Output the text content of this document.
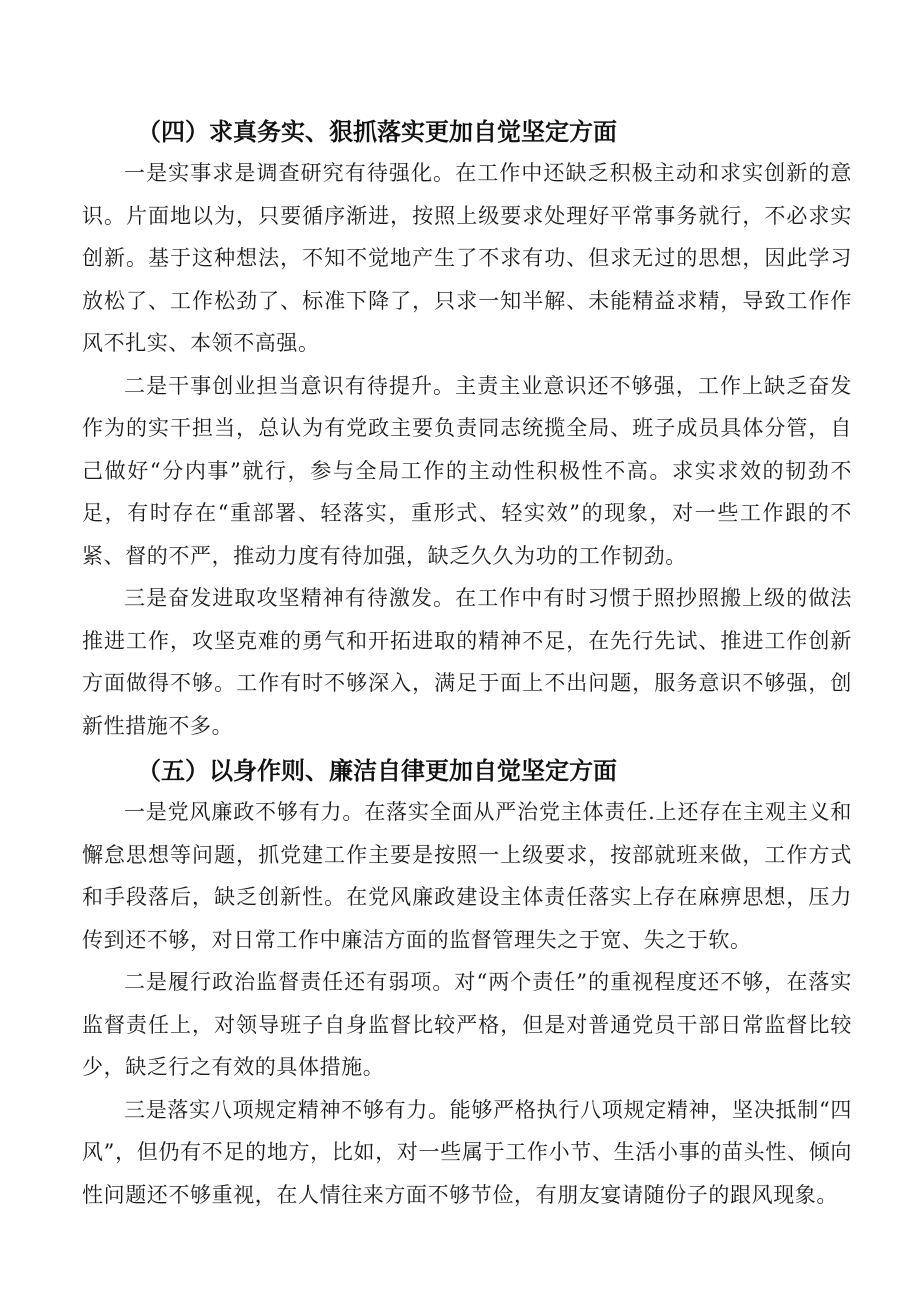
（四）求真务实、狠抓落实更加自觉坚定方面

一是实事求是调查研究有待强化。在工作中还缺乏积极主动和求实创新的意识。片面地以为，只要循序渐进，按照上级要求处理好平常事务就行，不必求实创新。基于这种想法，不知不觉地产生了不求有功、但求无过的思想，因此学习放松了、工作松劲了、标准下降了，只求一知半解、未能精益求精，导致工作作风不扎实、本领不高强。

二是干事创业担当意识有待提升。主责主业意识还不够强，工作上缺乏奋发作为的实干担当，总认为有党政主要负责同志统揽全局、班子成员具体分管，自己做好“分内事”就行，参与全局工作的主动性积极性不高。求实求效的韧劲不足，有时存在“重部署、轻落实，重形式、轻实效”的现象，对一些工作跟的不紧、督的不严，推动力度有待加强，缺乏久久为功的工作韧劲。

三是奋发进取攻坚精神有待激发。在工作中有时习惯于照抄照搬上级的做法推进工作，攻坚克难的勇气和开拓进取的精神不足，在先行先试、推进工作创新方面做得不够。工作有时不够深入，满足于面上不出问题，服务意识不够强，创新性措施不多。

（五）以身作则、廉洁自律更加自觉坚定方面

一是党风廉政不够有力。在落实全面从严治党主体责任.上还存在主观主义和懈怠思想等问题，抓党建工作主要是按照一上级要求，按部就班来做，工作方式和手段落后，缺乏创新性。在党风廉政建设主体责任落实上存在麻痹思想，压力传到还不够，对日常工作中廉洁方面的监督管理失之于宽、失之于软。

二是履行政治监督责任还有弱项。对“两个责任”的重视程度还不够，在落实监督责任上，对领导班子自身监督比较严格，但是对普通党员干部日常监督比较少，缺乏行之有效的具体措施。

三是落实八项规定精神不够有力。能够严格执行八项规定精神，坚决抵制“四风”，但仍有不足的地方，比如，对一些属于工作小节、生活小事的苗头性、倾向性问题还不够重视，在人情往来方面不够节俭，有朋友宴请随份子的跟风现象。
